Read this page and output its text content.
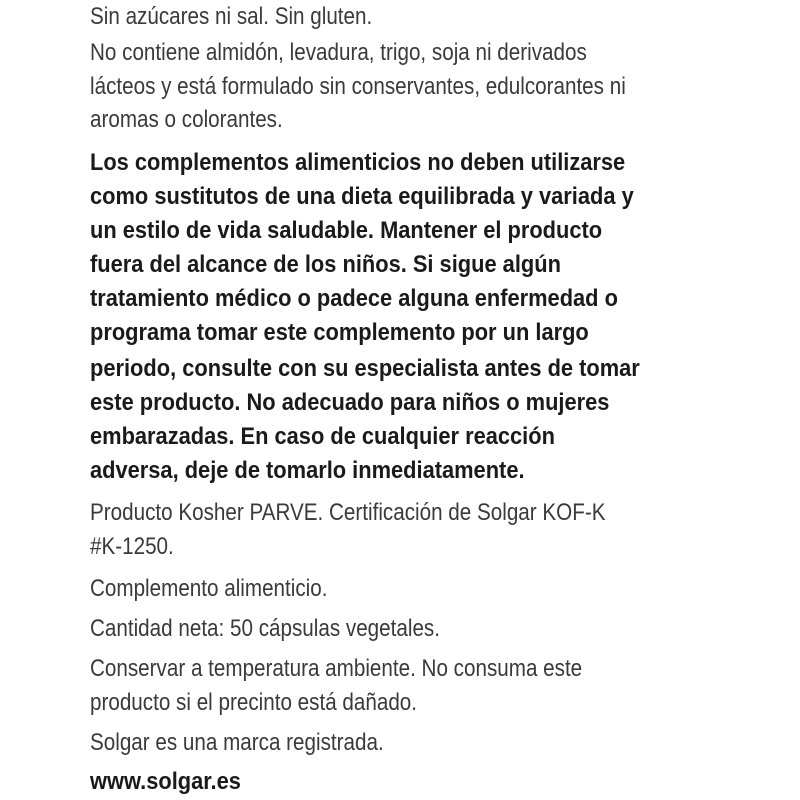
Sin azúcares ni sal. Sin gluten.
No contiene almidón, levadura, trigo, soja ni derivados
lácteos y está formulado sin conservantes, edulcorantes ni
aromas o colorantes.
Los complementos alimenticios no deben utilizarse
como sustitutos de una dieta equilibrada y variada y
un estilo de vida saludable. Mantener el producto
fuera del alcance de los niños. Si sigue algún
tratamiento médico o padece alguna enfermedad o
programa tomar este complemento por un largo
periodo, consulte con su especialista antes de tomar
este producto. No adecuado para niños o mujeres
embarazadas. En caso de cualquier reacción
adversa, deje de tomarlo inmediatamente.
Producto Kosher PARVE. Certificación de Solgar KOF-K
#K-1250.
Complemento alimenticio.
Cantidad neta: 50 cápsulas vegetales.
Conservar a temperatura ambiente. No consuma este
producto si el precinto está dañado.
Solgar es una marca registrada.
www.solgar.es
